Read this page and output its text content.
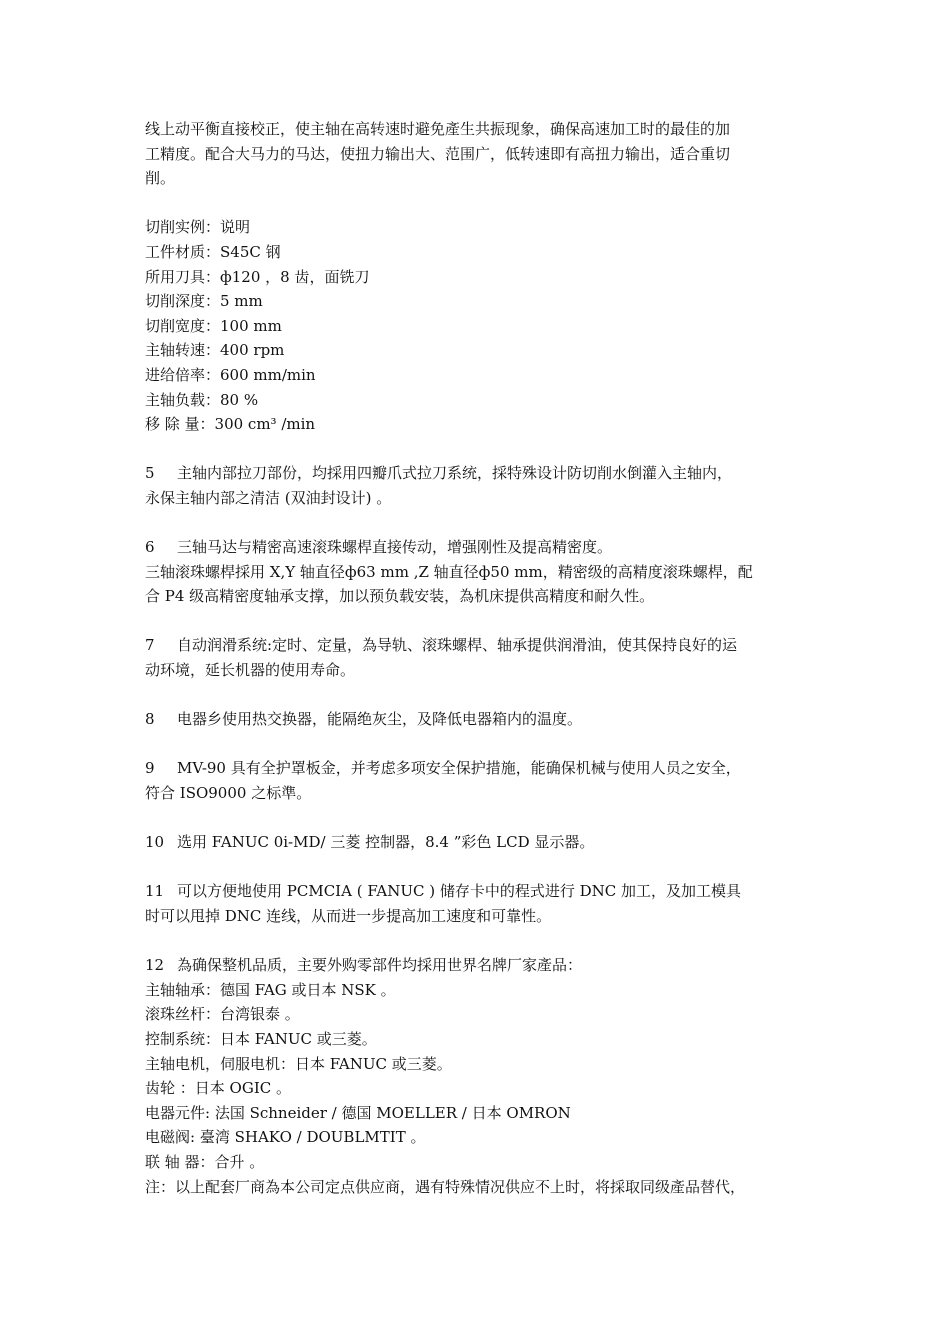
线上动平衡直接校正，使主轴在高转速时避免產生共振现象，确保高速加工时的最佳的加

工精度。配合大马力的马达，使扭力输出大、范围广，低转速即有高扭力输出，适合重切

削。

切削实例：说明

工件材质：S45C 钢

所用刀具：ф120 ，8 齿，面铣刀

切削深度：5 mm

切削宽度：100 mm

主轴转速：400 rpm

进给倍率：600 mm/min

主轴负载：80 %

移 除 量：300 cm³ /min

5 主轴内部拉刀部份，均採用四瓣爪式拉刀系统，採特殊设计防切削水倒灌入主轴内，

永保主轴内部之清洁 (双油封设计) 。

6 三轴马达与精密高速滚珠螺桿直接传动，增强刚性及提高精密度。

三轴滚珠螺桿採用 X,Y 轴直径ф63 mm ,Z 轴直径ф50 mm，精密级的高精度滚珠螺桿，配

合 P4 级高精密度轴承支撑，加以预负载安装，為机床提供高精度和耐久性。

7 自动润滑系统:定时、定量，為导轨、滚珠螺桿、轴承提供润滑油，使其保持良好的运

动环境，延长机器的使用寿命。

8 电器乡使用热交换器，能隔绝灰尘，及降低电器箱内的温度。

9 MV-90 具有全护罩板金，并考虑多项安全保护措施，能确保机械与使用人员之安全，

符合 ISO9000 之标準。

10 选用 FANUC 0i-MD/ 三菱 控制器，8.4 ”彩色 LCD 显示器。

11 可以方便地使用 PCMCIA ( FANUC ) 储存卡中的程式进行 DNC 加工，及加工模具

时可以甩掉 DNC 连线，从而进一步提高加工速度和可靠性。

12 為确保整机品质，主要外购零部件均採用世界名牌厂家產品：

主轴轴承：德国 FAG 或日本 NSK 。

滚珠丝杆：台湾银泰 。

控制系统：日本 FANUC 或三菱。

主轴电机，伺服电机：日本 FANUC 或三菱。

齿轮 ：日本 OGIC 。

电器元件: 法国 Schneider / 德国 MOELLER / 日本 OMRON

电磁阀: 臺湾 SHAKO / DOUBLMTIT 。

联 轴 器：合升 。

注：以上配套厂商為本公司定点供应商，遇有特殊情况供应不上时，将採取同级產品替代，
